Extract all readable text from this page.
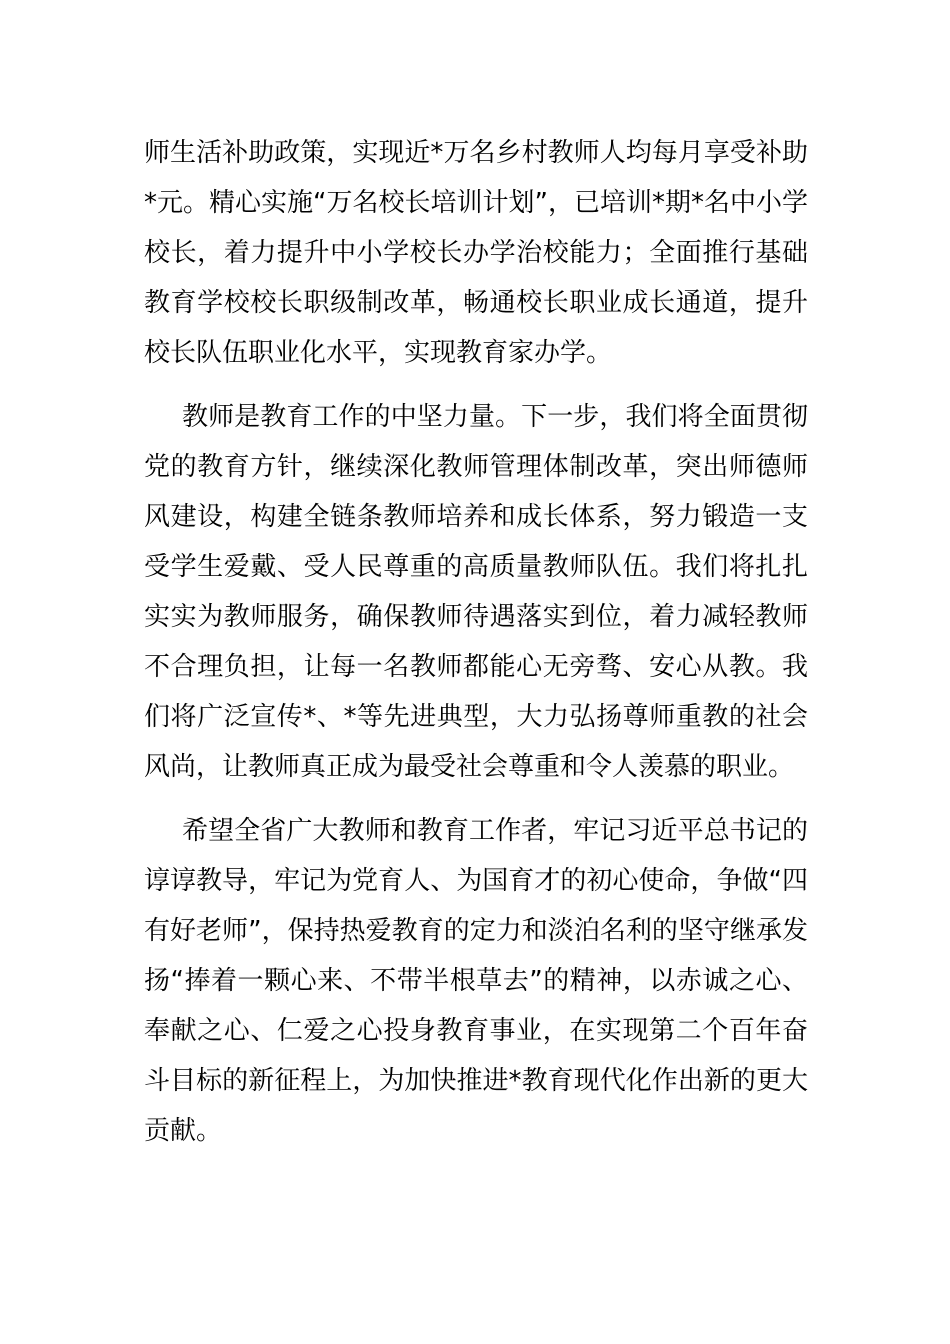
师生活补助政策，实现近*万名乡村教师人均每月享受补助*元。精心实施“万名校长培训计划”，已培训*期*名中小学校长，着力提升中小学校长办学治校能力；全面推行基础教育学校校长职级制改革，畅通校长职业成长通道，提升校长队伍职业化水平，实现教育家办学。

教师是教育工作的中坚力量。下一步，我们将全面贯彻党的教育方针，继续深化教师管理体制改革，突出师德师风建设，构建全链条教师培养和成长体系，努力锻造一支受学生爱戴、受人民尊重的高质量教师队伍。我们将扎扎实实为教师服务，确保教师待遇落实到位，着力减轻教师不合理负担，让每一名教师都能心无旁骛、安心从教。我们将广泛宣传*、*等先进典型，大力弘扬尊师重教的社会风尚，让教师真正成为最受社会尊重和令人羡慕的职业。

希望全省广大教师和教育工作者，牢记习近平总书记的谆谆教导，牢记为党育人、为国育才的初心使命，争做“四有好老师”，保持热爱教育的定力和淡泊名利的坚守继承发扬“捧着一颗心来、不带半根草去”的精神，以赤诚之心、奉献之心、仁爱之心投身教育事业，在实现第二个百年奋斗目标的新征程上，为加快推进*教育现代化作出新的更大贡献。
